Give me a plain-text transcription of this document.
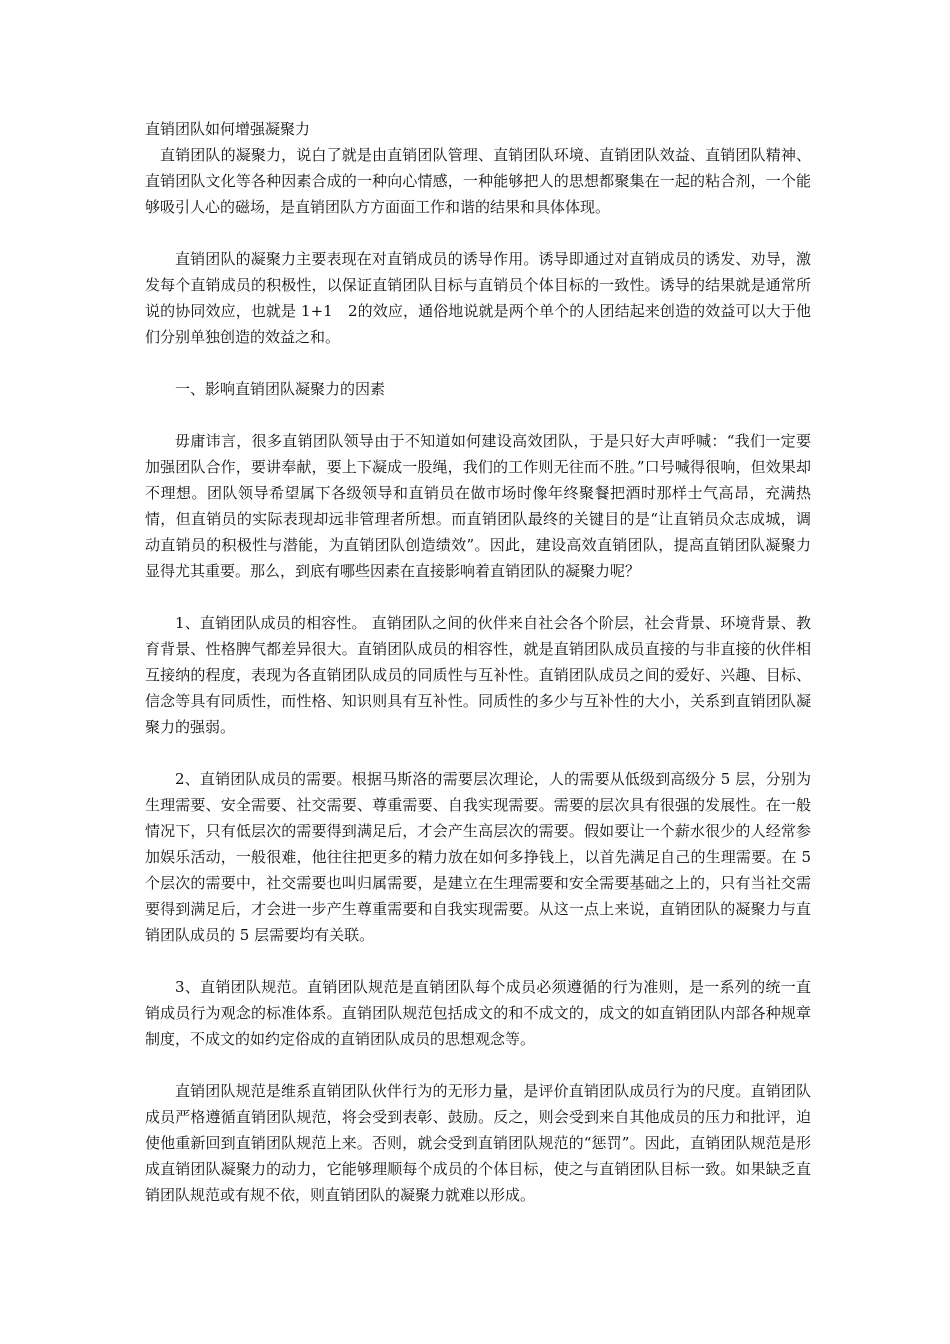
直销团队如何增强凝聚力

直销团队的凝聚力，说白了就是由直销团队管理、直销团队环境、直销团队效益、直销团队精神、直销团队文化等各种因素合成的一种向心情感，一种能够把人的思想都聚集在一起的粘合剂，一个能够吸引人心的磁场，是直销团队方方面面工作和谐的结果和具体体现。

直销团队的凝聚力主要表现在对直销成员的诱导作用。诱导即通过对直销成员的诱发、劝导，激发每个直销成员的积极性，以保证直销团队目标与直销员个体目标的一致性。诱导的结果就是通常所说的协同效应，也就是 1+1　2的效应，通俗地说就是两个单个的人团结起来创造的效益可以大于他们分别单独创造的效益之和。

一、影响直销团队凝聚力的因素

毋庸讳言，很多直销团队领导由于不知道如何建设高效团队，于是只好大声呼喊：“我们一定要加强团队合作，要讲奉献，要上下凝成一股绳，我们的工作则无往而不胜。”口号喊得很响，但效果却不理想。团队领导希望属下各级领导和直销员在做市场时像年终聚餐把酒时那样士气高昂，充满热情，但直销员的实际表现却远非管理者所想。而直销团队最终的关键目的是“让直销员众志成城，调动直销员的积极性与潜能，为直销团队创造绩效”。因此，建设高效直销团队，提高直销团队凝聚力显得尤其重要。那么，到底有哪些因素在直接影响着直销团队的凝聚力呢？

1、直销团队成员的相容性。 直销团队之间的伙伴来自社会各个阶层，社会背景、环境背景、教育背景、性格脾气都差异很大。直销团队成员的相容性，就是直销团队成员直接的与非直接的伙伴相互接纳的程度，表现为各直销团队成员的同质性与互补性。直销团队成员之间的爱好、兴趣、目标、信念等具有同质性，而性格、知识则具有互补性。同质性的多少与互补性的大小，关系到直销团队凝聚力的强弱。

2、直销团队成员的需要。根据马斯洛的需要层次理论，人的需要从低级到高级分 5 层，分别为生理需要、安全需要、社交需要、尊重需要、自我实现需要。需要的层次具有很强的发展性。在一般情况下，只有低层次的需要得到满足后，才会产生高层次的需要。假如要让一个薪水很少的人经常参加娱乐活动，一般很难，他往往把更多的精力放在如何多挣钱上，以首先满足自己的生理需要。在 5 个层次的需要中，社交需要也叫归属需要，是建立在生理需要和安全需要基础之上的，只有当社交需要得到满足后，才会进一步产生尊重需要和自我实现需要。从这一点上来说，直销团队的凝聚力与直销团队成员的 5 层需要均有关联。

3、直销团队规范。直销团队规范是直销团队每个成员必须遵循的行为准则，是一系列的统一直销成员行为观念的标准体系。直销团队规范包括成文的和不成文的，成文的如直销团队内部各种规章制度，不成文的如约定俗成的直销团队成员的思想观念等。

直销团队规范是维系直销团队伙伴行为的无形力量，是评价直销团队成员行为的尺度。直销团队成员严格遵循直销团队规范，将会受到表彰、鼓励。反之，则会受到来自其他成员的压力和批评，迫使他重新回到直销团队规范上来。否则，就会受到直销团队规范的“惩罚”。因此，直销团队规范是形成直销团队凝聚力的动力，它能够理顺每个成员的个体目标，使之与直销团队目标一致。如果缺乏直销团队规范或有规不依，则直销团队的凝聚力就难以形成。
